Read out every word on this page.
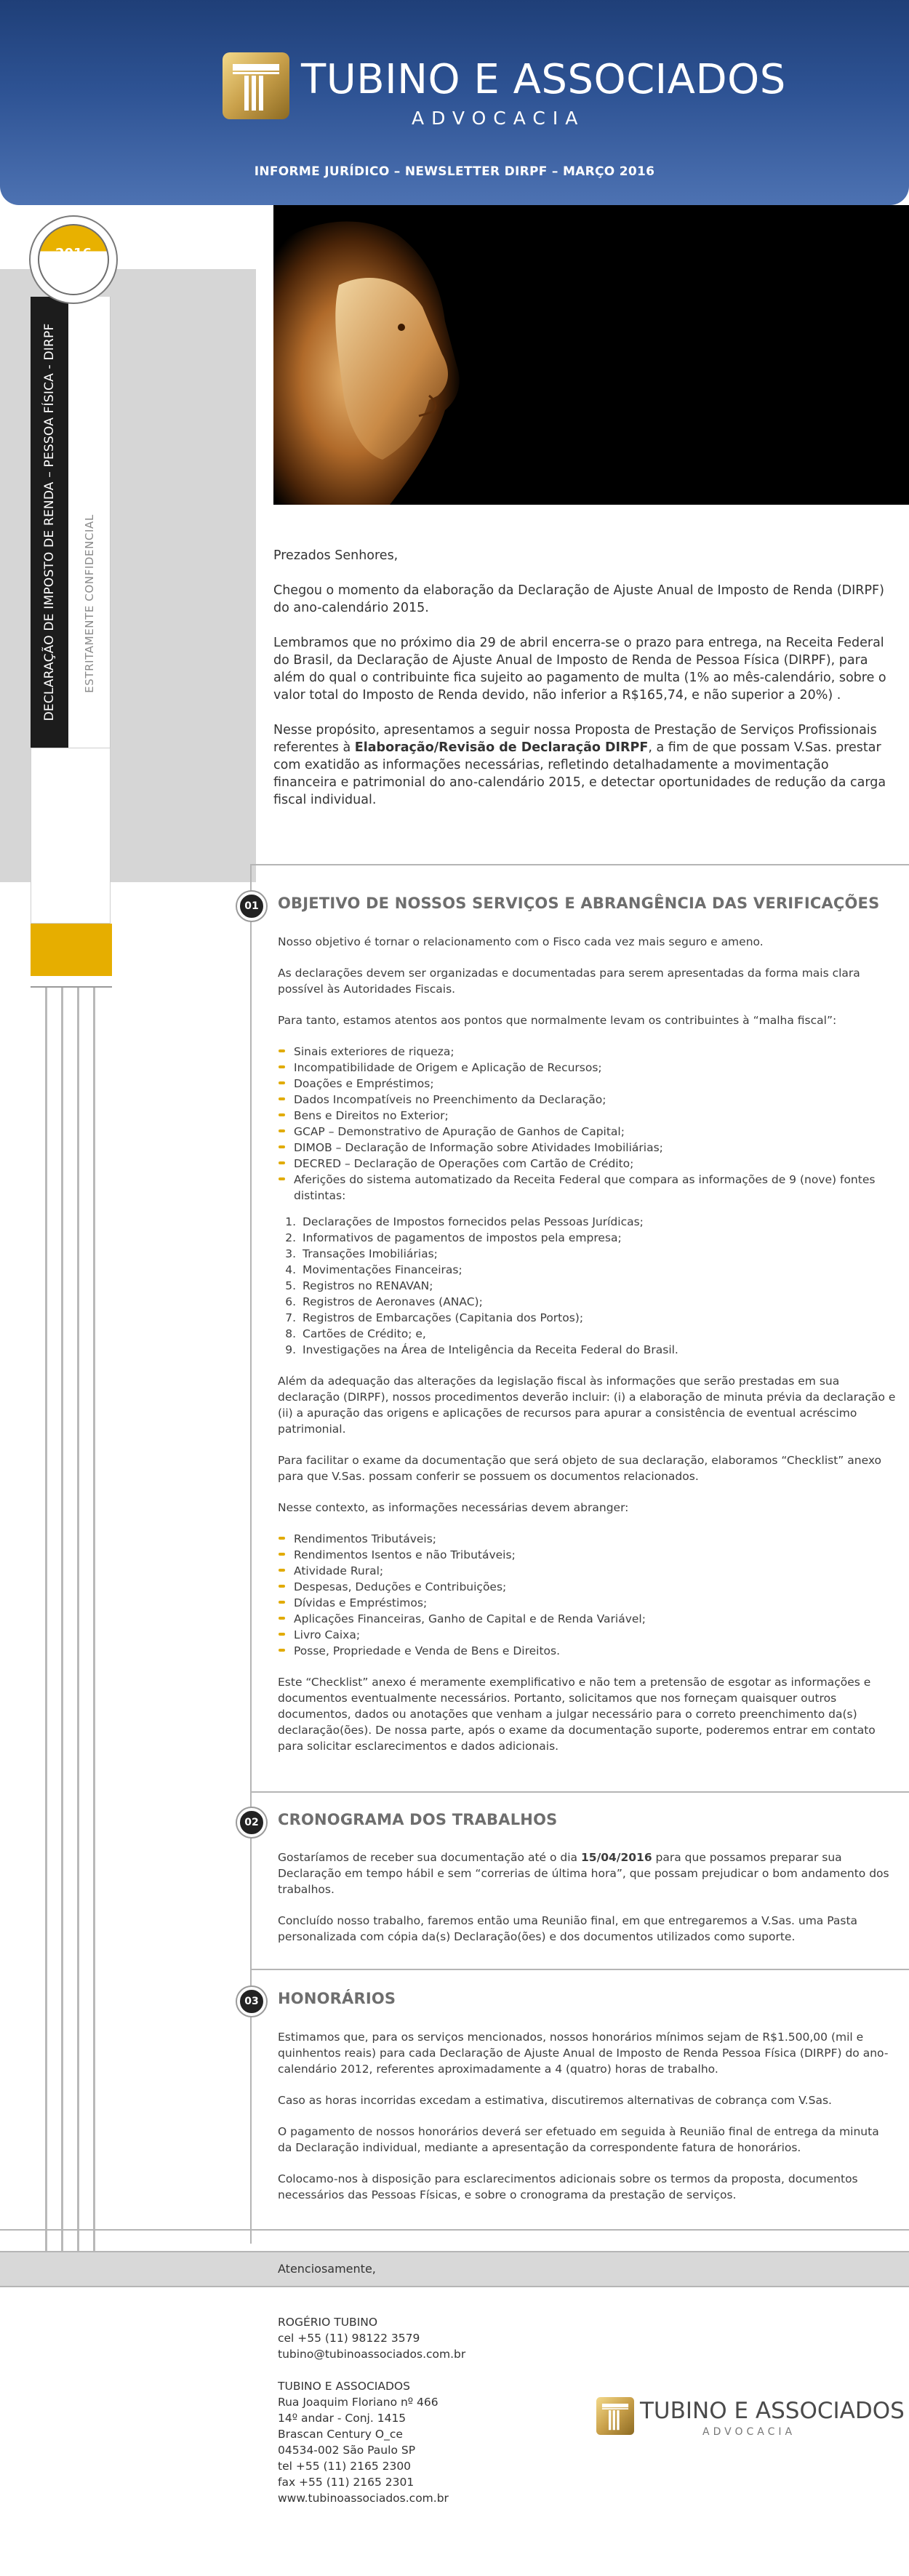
TUBINO E ASSOCIADOS
ADVOCACIA
INFORME JURÍDICO – NEWSLETTER DIRPF – MARÇO 2016
2016
DECLARAÇÃO DE IMPOSTO DE RENDA – PESSOA FÍSICA - DIRPF ESTRITAMENTE CONFIDENCIAL	Prezados Senhores,

Chegou o momento da elaboração da Declaração de Ajuste Anual de Imposto de Renda (DIRPF) do ano-calendário 2015.

Lembramos que no próximo dia 29 de abril encerra-se o prazo para entrega, na Receita Federal do Brasil, da Declaração de Ajuste Anual de Imposto de Renda de Pessoa Física (DIRPF), para além do qual o contribuinte fica sujeito ao pagamento de multa (1% ao mês-calendário, sobre o valor total do Imposto de Renda devido, não inferior a R$165,74, e não superior a 20%) .

Nesse propósito, apresentamos a seguir nossa Proposta de Prestação de Serviços Profissionais referentes à Elaboração/Revisão de Declaração DIRPF, a fim de que possam V.Sas. prestar com exatidão as informações necessárias, refletindo detalhadamente a movimentação financeira e patrimonial do ano-calendário 2015, e detectar oportunidades de redução da carga fiscal individual.

01	OBJETIVO DE NOSSOS SERVIÇOS E ABRANGÊNCIA DAS VERIFICAÇÕES

Nosso objetivo é tornar o relacionamento com o Fisco cada vez mais seguro e ameno.

As declarações devem ser organizadas e documentadas para serem apresentadas da forma mais clara possível às Autoridades Fiscais.

Para tanto, estamos atentos aos pontos que normalmente levam os contribuintes à “malha fiscal”:

Sinais exteriores de riqueza;
Incompatibilidade de Origem e Aplicação de Recursos;
Doações e Empréstimos;
Dados Incompatíveis no Preenchimento da Declaração;
Bens e Direitos no Exterior;
GCAP – Demonstrativo de Apuração de Ganhos de Capital;
DIMOB – Declaração de Informação sobre Atividades Imobiliárias;
DECRED – Declaração de Operações com Cartão de Crédito;
Aferições do sistema automatizado da Receita Federal que compara as informações de 9 (nove) fontes distintas:
1. Declarações de Impostos fornecidos pelas Pessoas Jurídicas;
2. Informativos de pagamentos de impostos pela empresa;
3. Transações Imobiliárias;
4. Movimentações Financeiras;
5. Registros no RENAVAN;
6. Registros de Aeronaves (ANAC);
7. Registros de Embarcações (Capitania dos Portos);
8. Cartões de Crédito; e,
9. Investigações na Área de Inteligência da Receita Federal do Brasil.

Além da adequação das alterações da legislação fiscal às informações que serão prestadas em sua declaração (DIRPF), nossos procedimentos deverão incluir: (i) a elaboração de minuta prévia da declaração e (ii) a apuração das origens e aplicações de recursos para apurar a consistência de eventual acréscimo patrimonial.

Para facilitar o exame da documentação que será objeto de sua declaração, elaboramos “Checklist” anexo para que V.Sas. possam conferir se possuem os documentos relacionados.

Nesse contexto, as informações necessárias devem abranger:

Rendimentos Tributáveis;
Rendimentos Isentos e não Tributáveis;
Atividade Rural;
Despesas, Deduções e Contribuições;
Dívidas e Empréstimos;
Aplicações Financeiras, Ganho de Capital e de Renda Variável;
Livro Caixa;
Posse, Propriedade e Venda de Bens e Direitos.

Este “Checklist” anexo é meramente exemplificativo e não tem a pretensão de esgotar as informações e documentos eventualmente necessários. Portanto, solicitamos que nos forneçam quaisquer outros documentos, dados ou anotações que venham a julgar necessário para o correto preenchimento da(s) declaração(ões). De nossa parte, após o exame da documentação suporte, poderemos entrar em contato para solicitar esclarecimentos e dados adicionais.

02	CRONOGRAMA DOS TRABALHOS

Gostaríamos de receber sua documentação até o dia 15/04/2016 para que possamos preparar sua Declaração em tempo hábil e sem “correrias de última hora”, que possam prejudicar o bom andamento dos trabalhos.

Concluído nosso trabalho, faremos então uma Reunião final, em que entregaremos a V.Sas. uma Pasta personalizada com cópia da(s) Declaração(ões) e dos documentos utilizados como suporte.

03	HONORÁRIOS

Estimamos que, para os serviços mencionados, nossos honorários mínimos sejam de R$1.500,00 (mil e quinhentos reais) para cada Declaração de Ajuste Anual de Imposto de Renda Pessoa Física (DIRPF) do ano-calendário 2012, referentes aproximadamente a 4 (quatro) horas de trabalho.

Caso as horas incorridas excedam a estimativa, discutiremos alternativas de cobrança com V.Sas.

O pagamento de nossos honorários deverá ser efetuado em seguida à Reunião final de entrega da minuta da Declaração individual, mediante a apresentação da correspondente fatura de honorários.

Colocamo-nos à disposição para esclarecimentos adicionais sobre os termos da proposta, documentos necessários das Pessoas Físicas, e sobre o cronograma da prestação de serviços.

Atenciosamente,
ROGÉRIO TUBINO
cel +55 (11) 98122 3579
tubino@tubinoassociados.com.br
TUBINO E ASSOCIADOS
Rua Joaquim Floriano nº 466
14º andar - Conj. 1415
Brascan Century O_ce
04534-002 São Paulo SP
tel +55 (11) 2165 2300
fax +55 (11) 2165 2301
www.tubinoassociados.com.br
TUBINO E ASSOCIADOS
ADVOCACIA
